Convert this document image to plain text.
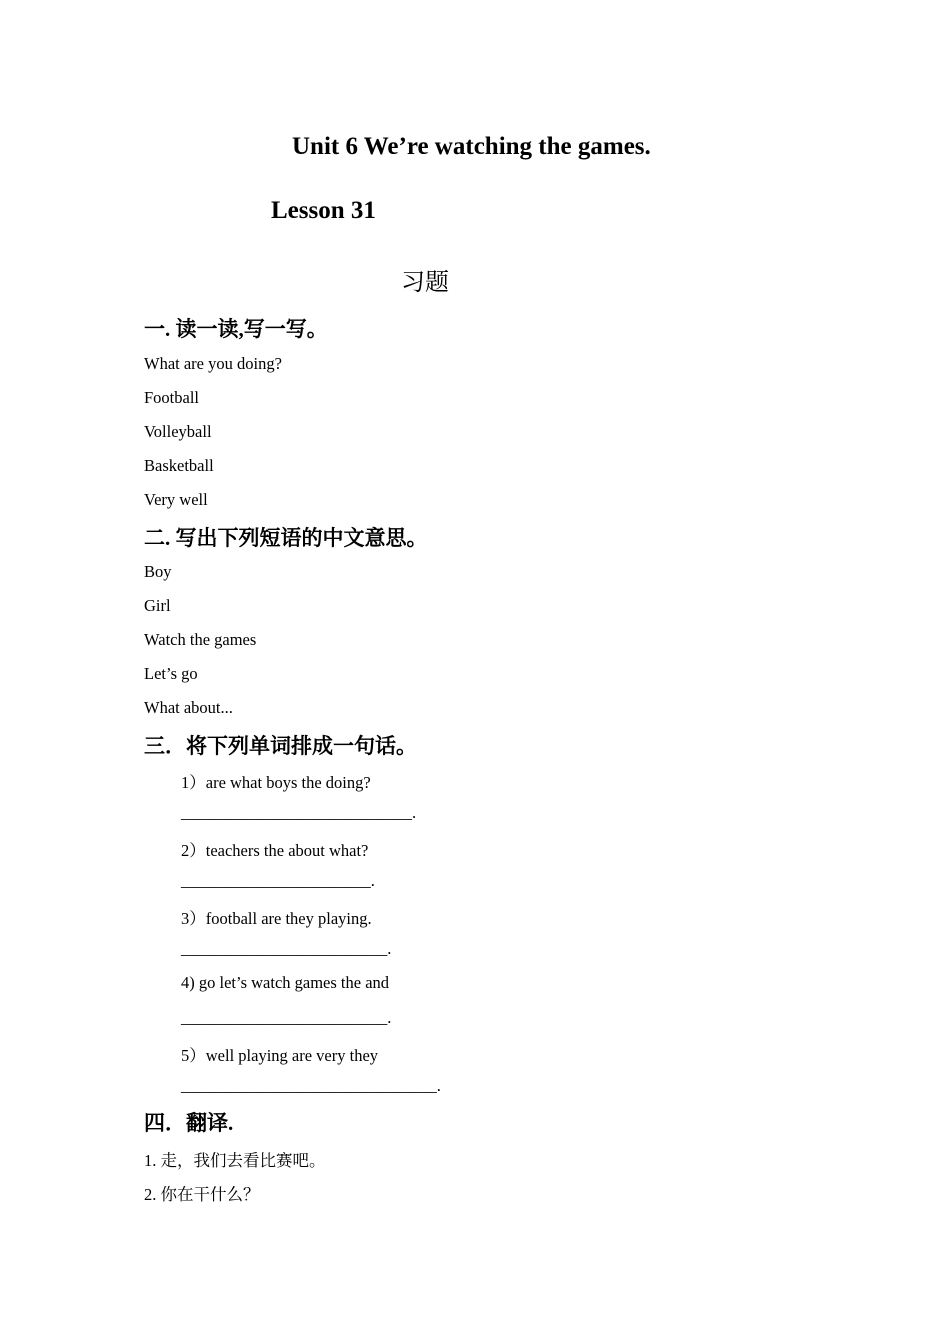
Unit 6 We’re watching the games.
Lesson 31
习题
一. 读一读,写一写。
What are you doing?
Football
Volleyball
Basketball
Very well
二. 写出下列短语的中文意思。
Boy
Girl
Watch the games
Let’s go
What about...
三．将下列单词排成一句话。
1）are what boys the doing?
____________________________.
2）teachers the about what?
_______________________.
3）football are they playing.
_________________________.
4) go let’s watch games the and
_________________________.
5）well playing are very they
_______________________________.
四．翻译.
1. 走，我们去看比赛吧。
2. 你在干什么？
